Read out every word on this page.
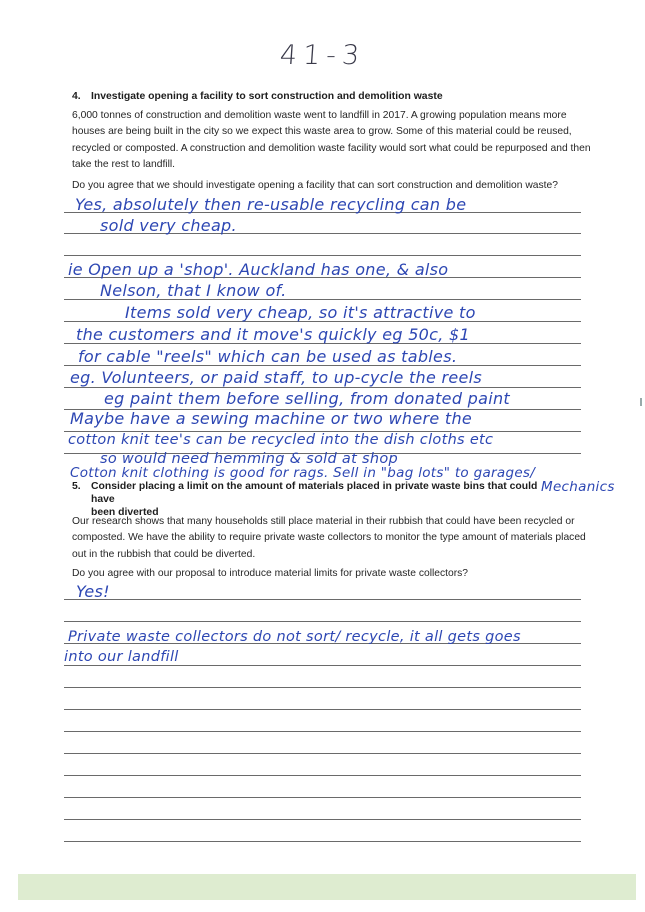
41-3
4. Investigate opening a facility to sort construction and demolition waste
6,000 tonnes of construction and demolition waste went to landfill in 2017. A growing population means more
houses are being built in the city so we expect this waste area to grow. Some of this material could be reused,
recycled or composted. A construction and demolition waste facility would sort what could be repurposed and then
take the rest to landfill.
Do you agree that we should investigate opening a facility that can sort construction and demolition waste?
Yes, absolutely then re-usable recycling can be
sold very cheap.
ie Open up a 'shop'. Auckland has one, & also
Nelson, that I know of.
Items sold very cheap, so it's attractive to
the customers and it move's quickly eg 50c, $1
for cable "reels" which can be used as tables.
eg. Volunteers, or paid staff, to up-cycle the reels
eg paint them before selling, from donated paint
Maybe have a sewing machine or two where the
cotton knit tee's can be recycled into the dish cloths etc
so would need hemming & sold at shop
Cotton knit clothing is good for rags. Sell in "bag lots" to garages/
Mechanics
5. Consider placing a limit on the amount of materials placed in private waste bins that could have
been diverted
Our research shows that many households still place material in their rubbish that could have been recycled or
composted. We have the ability to require private waste collectors to monitor the type amount of materials placed
out in the rubbish that could be diverted.
Do you agree with our proposal to introduce material limits for private waste collectors?
Yes!
Private waste collectors do not sort/ recycle, it all gets goes
into our landfill
